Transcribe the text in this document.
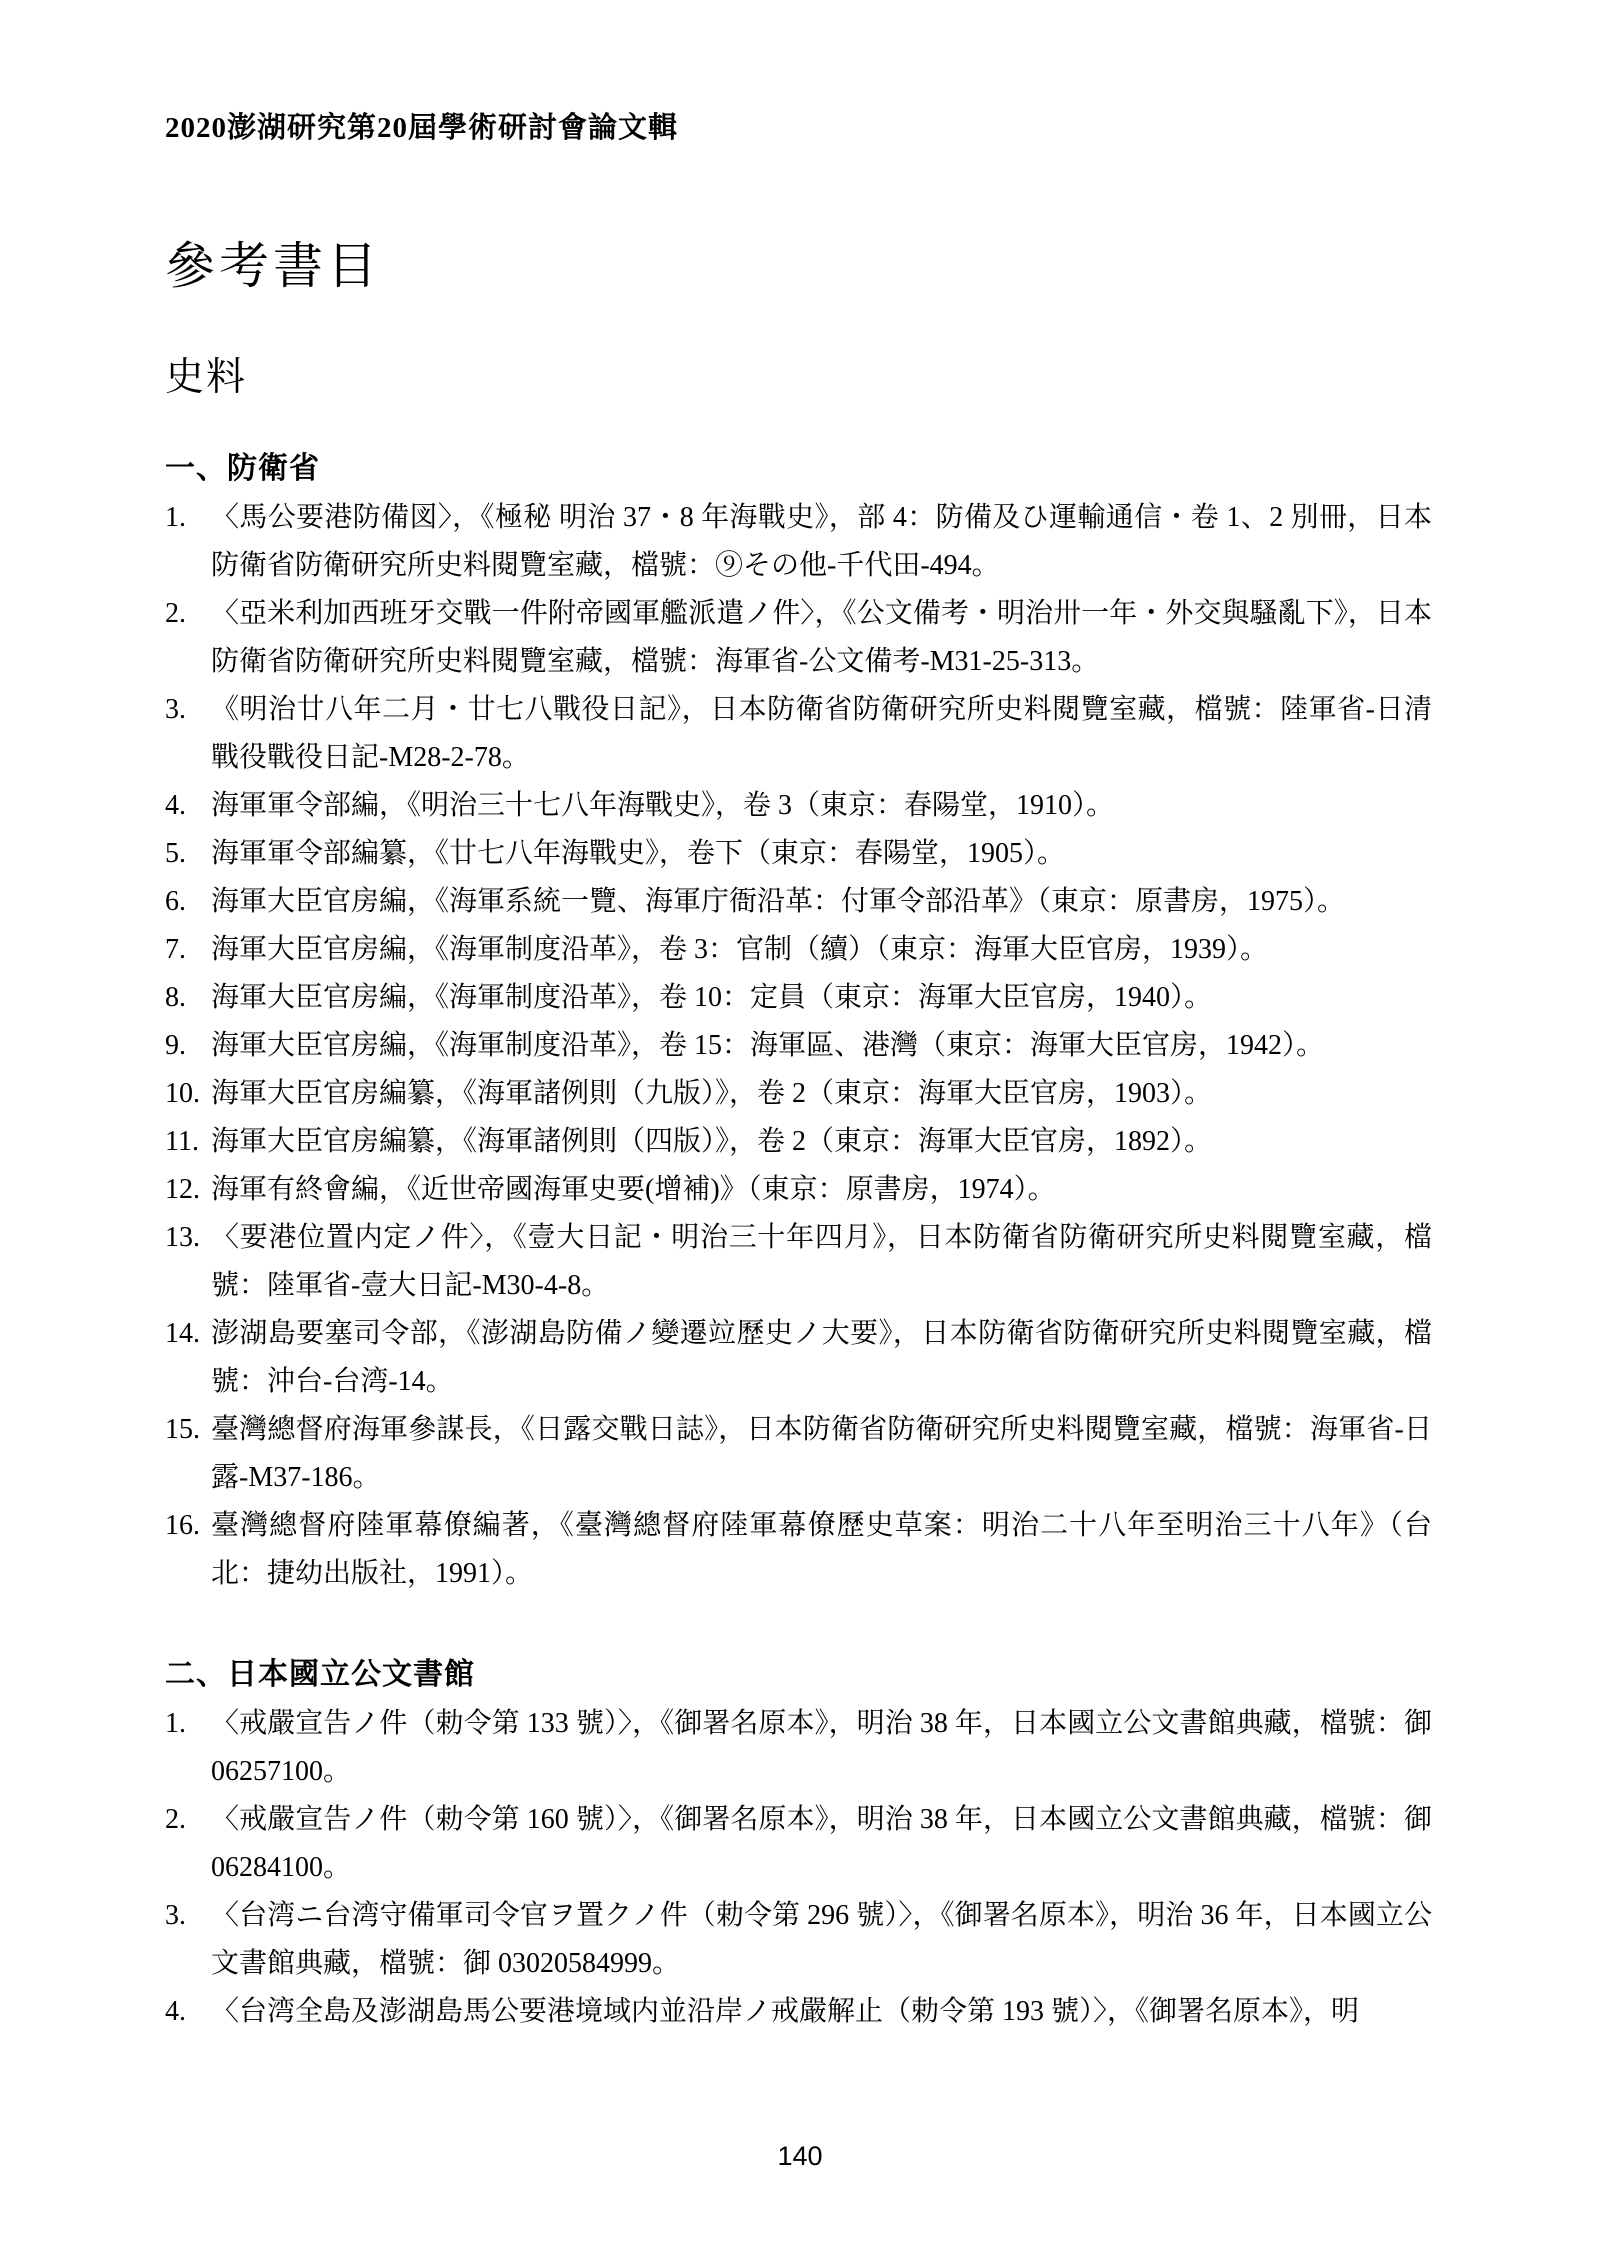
2020澎湖研究第20屆學術研討會論文輯
參考書目
史料
一、防衛省
1. 〈馬公要港防備図〉，《極秘 明治 37・8 年海戰史》，部 4：防備及ひ運輸通信・卷 1、2 別冊，日本防衛省防衛研究所史料閱覽室藏，檔號：⑨その他-千代田-494。
2. 〈亞米利加西班牙交戰一件附帝國軍艦派遣ノ件〉，《公文備考・明治卅一年・外交與騷亂下》，日本防衛省防衛研究所史料閱覽室藏，檔號：海軍省-公文備考-M31-25-313。
3. 《明治廿八年二月・廿七八戰役日記》，日本防衛省防衛研究所史料閱覽室藏，檔號：陸軍省-日清戰役戰役日記-M28-2-78。
4. 海軍軍令部編，《明治三十七八年海戰史》，卷 3（東京：春陽堂，1910）。
5. 海軍軍令部編纂，《廿七八年海戰史》，卷下（東京：春陽堂，1905）。
6. 海軍大臣官房編，《海軍系統一覽、海軍庁衙沿革：付軍令部沿革》（東京：原書房，1975）。
7. 海軍大臣官房編，《海軍制度沿革》，卷 3：官制（續）（東京：海軍大臣官房，1939）。
8. 海軍大臣官房編，《海軍制度沿革》，卷 10：定員（東京：海軍大臣官房，1940）。
9. 海軍大臣官房編，《海軍制度沿革》，卷 15：海軍區、港灣（東京：海軍大臣官房，1942）。
10. 海軍大臣官房編纂，《海軍諸例則（九版）》，卷 2（東京：海軍大臣官房，1903）。
11. 海軍大臣官房編纂，《海軍諸例則（四版）》，卷 2（東京：海軍大臣官房，1892）。
12. 海軍有終會編，《近世帝國海軍史要(增補)》（東京：原書房，1974）。
13. 〈要港位置内定ノ件〉，《壹大日記・明治三十年四月》，日本防衛省防衛研究所史料閱覽室藏，檔號：陸軍省-壹大日記-M30-4-8。
14. 澎湖島要塞司令部，《澎湖島防備ノ變遷竝歷史ノ大要》，日本防衛省防衛研究所史料閱覽室藏，檔號：沖台-台湾-14。
15. 臺灣總督府海軍參謀長，《日露交戰日誌》，日本防衛省防衛研究所史料閱覽室藏，檔號：海軍省-日露-M37-186。
16. 臺灣總督府陸軍幕僚編著，《臺灣總督府陸軍幕僚歷史草案：明治二十八年至明治三十八年》（台北：捷幼出版社，1991）。
二、日本國立公文書館
1. 〈戒嚴宣告ノ件（勅令第 133 號）〉，《御署名原本》，明治 38 年，日本國立公文書館典藏，檔號：御 06257100。
2. 〈戒嚴宣告ノ件（勅令第 160 號）〉，《御署名原本》，明治 38 年，日本國立公文書館典藏，檔號：御 06284100。
3. 〈台湾ニ台湾守備軍司令官ヲ置クノ件（勅令第 296 號）〉，《御署名原本》，明治 36 年，日本國立公文書館典藏，檔號：御 03020584999。
4. 〈台湾全島及澎湖島馬公要港境域内並沿岸ノ戒嚴解止（勅令第 193 號）〉，《御署名原本》，明
140
